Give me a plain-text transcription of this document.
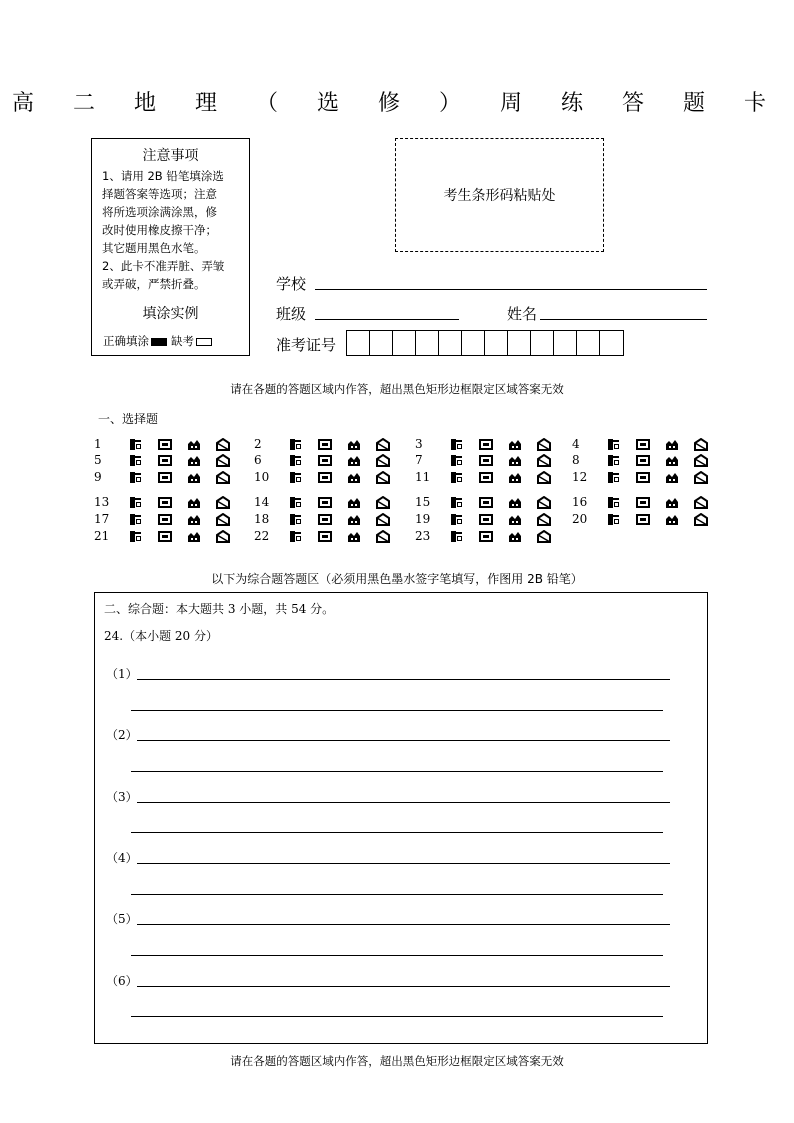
高 二 地 理 （ 选 修 ） 周 练 答 题 卡
注意事项
1、请用 2B 铅笔填涂选
择题答案等选项；注意
将所选项涂满涂黑，修
改时使用橡皮擦干净；
其它题用黑色水笔。
2、此卡不准弄脏、弄皱
或弄破，严禁折叠。
填涂实例
正确填涂 缺考
考生条形码粘贴处
学校
班级	姓名
准考证号
请在各题的答题区域内作答，超出黑色矩形边框限定区域答案无效
一、选择题
1	2	3	4
5	6	7	8
9	10	11	12
13	14	15	16
17	18	19	20
21	22	23
以下为综合题答题区（必须用黑色墨水签字笔填写，作图用 2B 铅笔）
二、综合题：本大题共 3 小题，共 54 分。
24.（本小题 20 分）
（1）
（2）
（3）
（4）
（5）
（6）
请在各题的答题区域内作答，超出黑色矩形边框限定区域答案无效
